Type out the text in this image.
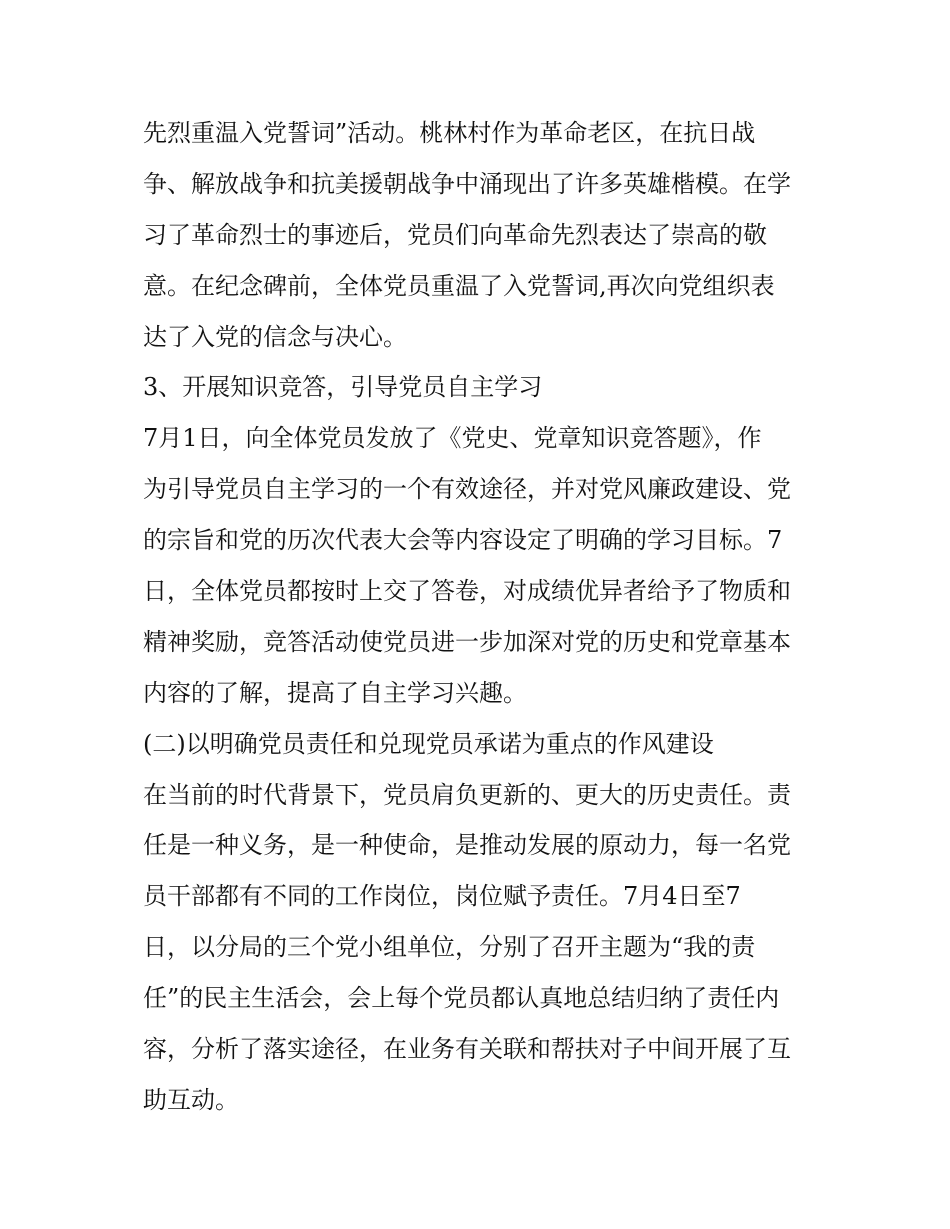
先烈重温入党誓词”活动。桃林村作为革命老区，在抗日战
争、解放战争和抗美援朝战争中涌现出了许多英雄楷模。在学
习了革命烈士的事迹后，党员们向革命先烈表达了崇高的敬
意。在纪念碑前，全体党员重温了入党誓词,再次向党组织表
达了入党的信念与决心。
3、开展知识竞答，引导党员自主学习
7月1日，向全体党员发放了《党史、党章知识竞答题》，作
为引导党员自主学习的一个有效途径，并对党风廉政建设、党
的宗旨和党的历次代表大会等内容设定了明确的学习目标。7
日，全体党员都按时上交了答卷，对成绩优异者给予了物质和
精神奖励，竞答活动使党员进一步加深对党的历史和党章基本
内容的了解，提高了自主学习兴趣。
(二)以明确党员责任和兑现党员承诺为重点的作风建设
在当前的时代背景下，党员肩负更新的、更大的历史责任。责
任是一种义务，是一种使命，是推动发展的原动力，每一名党
员干部都有不同的工作岗位，岗位赋予责任。7月4日至7
日，以分局的三个党小组单位，分别了召开主题为“我的责
任”的民主生活会，会上每个党员都认真地总结归纳了责任内
容，分析了落实途径，在业务有关联和帮扶对子中间开展了互
助互动。
